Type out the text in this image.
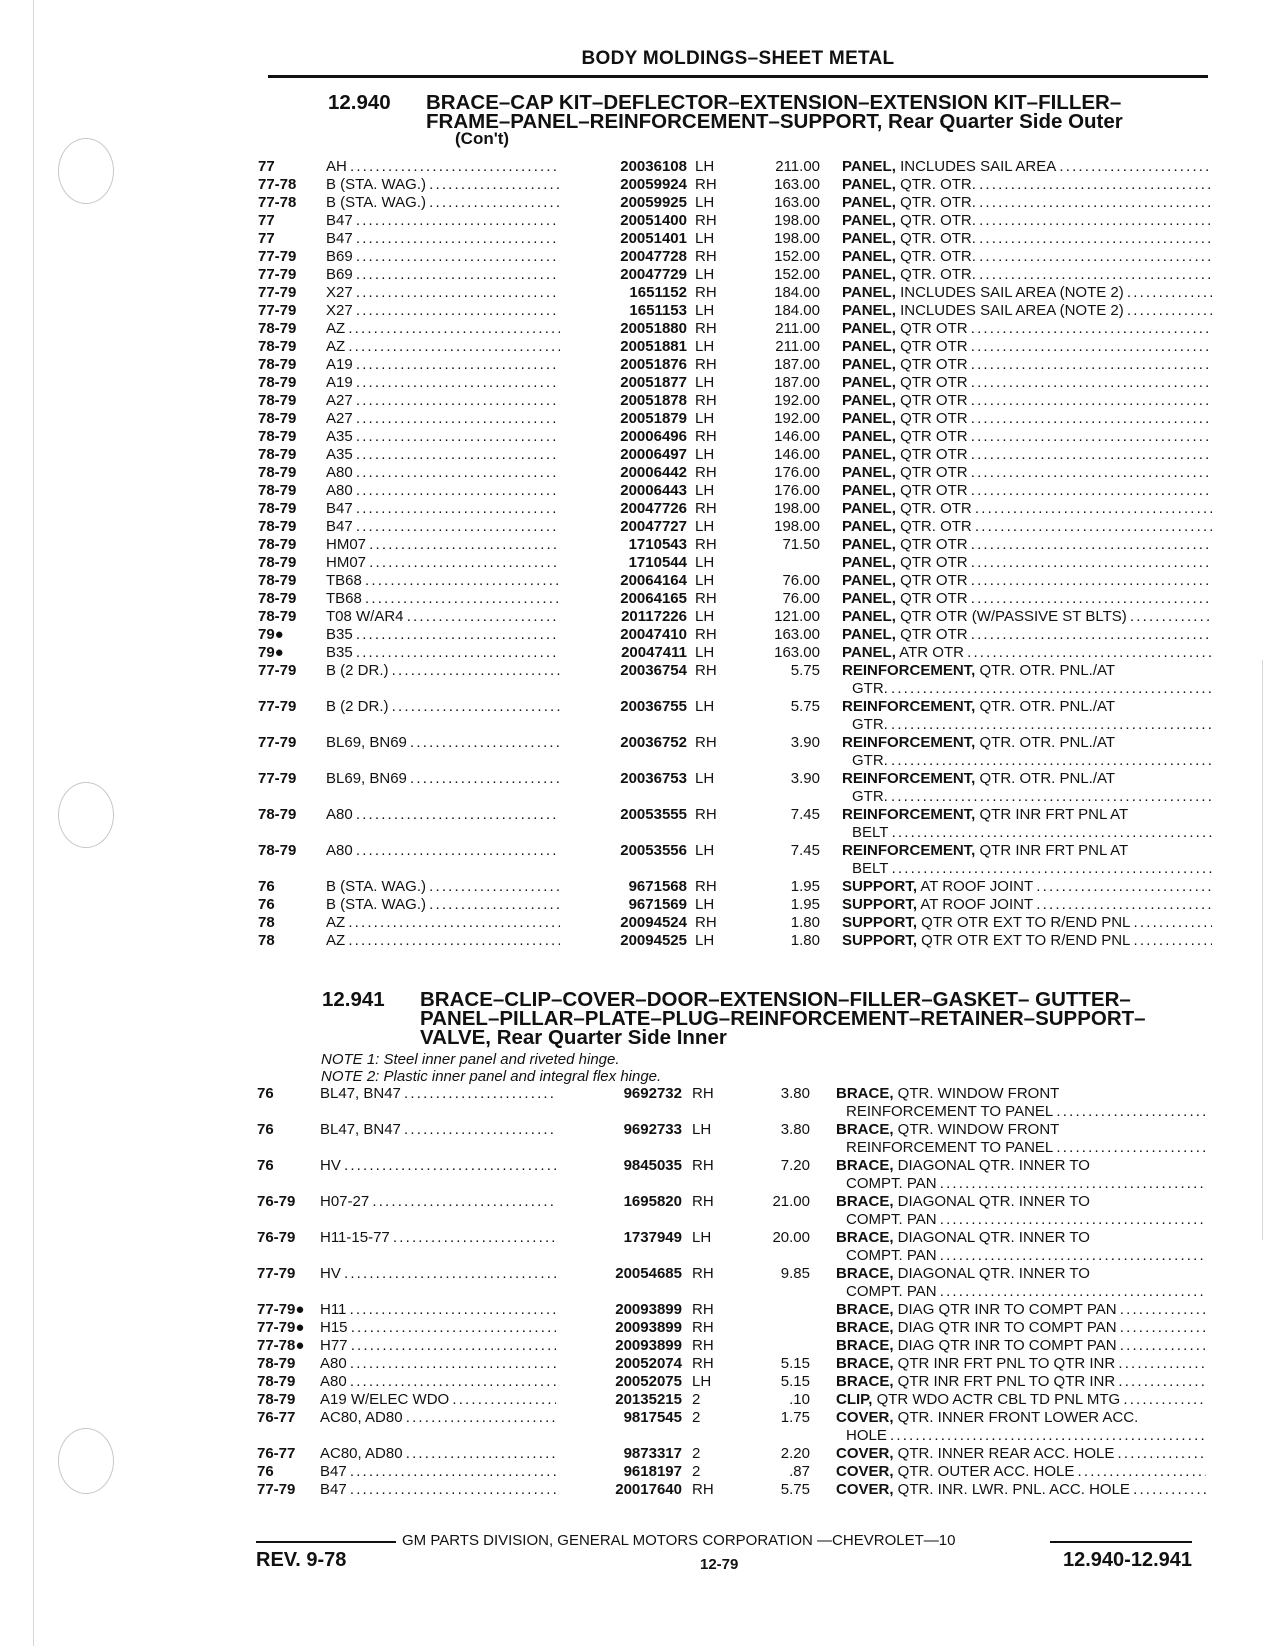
BODY MOLDINGS–SHEET METAL
12.940 BRACE–CAP KIT–DEFLECTOR–EXTENSION–EXTENSION KIT–FILLER–
FRAME–PANEL–REINFORCEMENT–SUPPORT, Rear Quarter Side Outer
(Con't)
77	AH . . .	20036108 LH	211.00 PANEL, INCLUDES SAIL AREA . . .
77-78 B (STA. WAG.) . . .	20059924 RH	163.00 PANEL, QTR. OTR. . . .
77-78 B (STA. WAG.) . . .	20059925 LH	163.00 PANEL, QTR. OTR. . . .
77	B47 . . .	20051400 RH	198.00 PANEL, QTR. OTR. . . .
77	B47 . . .	20051401 LH	198.00 PANEL, QTR. OTR. . . .
77-79 B69 . . .	20047728 RH	152.00 PANEL, QTR. OTR. . . .
77-79 B69 . . .	20047729 LH	152.00 PANEL, QTR. OTR. . . .
77-79 X27 . . .	1651152 RH	184.00 PANEL, INCLUDES SAIL AREA (NOTE 2) . . .
77-79 X27 . . .	1651153 LH	184.00 PANEL, INCLUDES SAIL AREA (NOTE 2) . . .
78-79 AZ . . .	20051880 RH	211.00 PANEL, QTR OTR . . .
78-79 AZ . . .	20051881 LH	211.00 PANEL, QTR OTR . . .
78-79 A19 . . .	20051876 RH	187.00 PANEL, QTR OTR . . .
78-79 A19 . . .	20051877 LH	187.00 PANEL, QTR OTR . . .
78-79 A27 . . .	20051878 RH	192.00 PANEL, QTR OTR . . .
78-79 A27 . . .	20051879 LH	192.00 PANEL, QTR OTR . . .
78-79 A35 . . .	20006496 RH	146.00 PANEL, QTR OTR . . .
78-79 A35 . . .	20006497 LH	146.00 PANEL, QTR OTR . . .
78-79 A80 . . .	20006442 RH	176.00 PANEL, QTR OTR . . .
78-79 A80 . . .	20006443 LH	176.00 PANEL, QTR OTR . . .
78-79 B47 . . .	20047726 RH	198.00 PANEL, QTR. OTR . . .
78-79 B47 . . .	20047727 LH	198.00 PANEL, QTR. OTR . . .
78-79 HM07 . . .	1710543 RH	71.50 PANEL, QTR OTR . . .
78-79 HM07 . . .	1710544 LH	PANEL, QTR OTR . . .
78-79 TB68 . . .	20064164 LH	76.00 PANEL, QTR OTR . . .
78-79 TB68 . . .	20064165 RH	76.00 PANEL, QTR OTR . . .
78-79 T08 W/AR4 . . .	20117226 LH	121.00 PANEL, QTR OTR (W/PASSIVE ST BLTS) . . .
79●	B35 . . .	20047410 RH	163.00 PANEL, QTR OTR . . .
79●	B35 . . .	20047411 LH	163.00 PANEL, ATR OTR . . .
77-79 B (2 DR.) . . .	20036754 RH	5.75 REINFORCEMENT, QTR. OTR. PNL./AT
GTR. . . .
77-79 B (2 DR.) . . .	20036755 LH	5.75 REINFORCEMENT, QTR. OTR. PNL./AT
GTR. . . .
77-79 BL69, BN69 . . .	20036752 RH	3.90 REINFORCEMENT, QTR. OTR. PNL./AT
GTR. . . .
77-79 BL69, BN69 . . .	20036753 LH	3.90 REINFORCEMENT, QTR. OTR. PNL./AT
GTR. . . .
78-79 A80 . . .	20053555 RH	7.45 REINFORCEMENT, QTR INR FRT PNL AT
BELT . . .
78-79 A80 . . .	20053556 LH	7.45 REINFORCEMENT, QTR INR FRT PNL AT
BELT . . .
76	B (STA. WAG.) . . .	9671568 RH	1.95 SUPPORT, AT ROOF JOINT . . .
76	B (STA. WAG.) . . .	9671569 LH	1.95 SUPPORT, AT ROOF JOINT . . .
78	AZ . . .	20094524 RH	1.80 SUPPORT, QTR OTR EXT TO R/END PNL . . .
78	AZ . . .	20094525 LH	1.80 SUPPORT, QTR OTR EXT TO R/END PNL . . .
12.941 BRACE–CLIP–COVER–DOOR–EXTENSION–FILLER–GASKET– GUTTER–
PANEL–PILLAR–PLATE–PLUG–REINFORCEMENT–RETAINER–SUPPORT–
VALVE, Rear Quarter Side Inner
NOTE 1: Steel inner panel and riveted hinge.
NOTE 2: Plastic inner panel and integral flex hinge.
76	BL47, BN47 . . .	9692732 RH	3.80 BRACE, QTR. WINDOW FRONT
REINFORCEMENT TO PANEL . . .
76	BL47, BN47 . . .	9692733 LH	3.80 BRACE, QTR. WINDOW FRONT
REINFORCEMENT TO PANEL . . .
76	HV . . .	9845035 RH	7.20 BRACE, DIAGONAL QTR. INNER TO
COMPT. PAN . . .
76-79 H07-27 . . .	1695820 RH	21.00 BRACE, DIAGONAL QTR. INNER TO
COMPT. PAN . . .
76-79 H11-15-77 . . .	1737949 LH	20.00 BRACE, DIAGONAL QTR. INNER TO
COMPT. PAN . . .
77-79 HV . . .	20054685 RH	9.85 BRACE, DIAGONAL QTR. INNER TO
COMPT. PAN . . .
77-79● H11 . . .	20093899 RH	BRACE, DIAG QTR INR TO COMPT PAN . . .
77-79● H15 . . .	20093899 RH	BRACE, DIAG QTR INR TO COMPT PAN . . .
77-78● H77 . . .	20093899 RH	BRACE, DIAG QTR INR TO COMPT PAN . . .
78-79 A80 . . .	20052074 RH	5.15 BRACE, QTR INR FRT PNL TO QTR INR . . .
78-79 A80 . . .	20052075 LH	5.15 BRACE, QTR INR FRT PNL TO QTR INR . . .
78-79 A19 W/ELEC WDO . . .	20135215 2	.10 CLIP, QTR WDO ACTR CBL TD PNL MTG . . .
76-77 AC80, AD80 . . .	9817545 2	1.75 COVER, QTR. INNER FRONT LOWER ACC.
HOLE . . .
76-77 AC80, AD80 . . .	9873317 2	2.20 COVER, QTR. INNER REAR ACC. HOLE . . .
76	B47 . . .	9618197 2	.87 COVER, QTR. OUTER ACC. HOLE . . .
77-79 B47 . . .	20017640 RH	5.75 COVER, QTR. INR. LWR. PNL. ACC. HOLE . . .
GM PARTS DIVISION, GENERAL MOTORS CORPORATION —CHEVROLET—10
REV. 9-78	12-79	12.940-12.941
